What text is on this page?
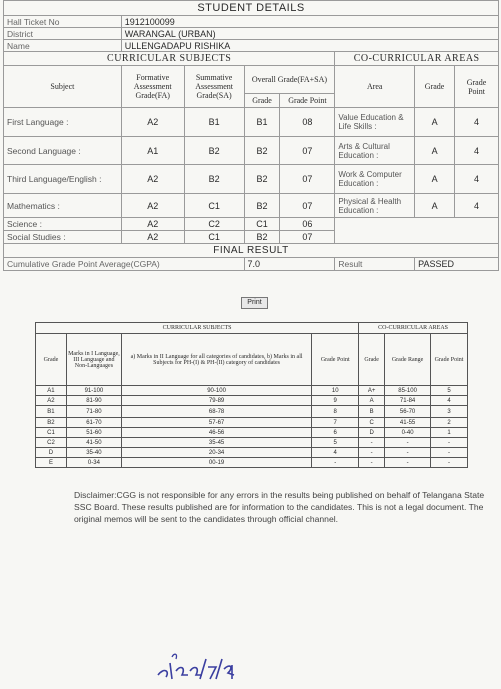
STUDENT DETAILS							
Hall Ticket No	1912100099						
District	WARANGAL (URBAN)						
Name	ULLENGADAPU RISHIKA						
CURRICULAR SUBJECTS					CO-CURRICULAR AREAS		
Subject	Formative Assessment Grade(FA)	Summative Assessment Grade(SA)	Overall Grade(FA+SA)		Area	Grade	Grade Point
			Grade	Grade Point			
First Language :	A2	B1	B1	08	Value Education & Life Skills :	A	4
Second Language :	A1	B2	B2	07	Arts & Cultural Education :	A	4
Third Language/English :	A2	B2	B2	07	Work & Computer Education :	A	4
Mathematics :	A2	C1	B2	07	Physical & Health Education :	A	4
Science :	A2	C2	C1	06			
Social Studies :	A2	C1	B2	07			
FINAL RESULT							
Cumulative Grade Point Average(CGPA)			7.0		Result	PASSED	
Print
CURRICULAR SUBJECTS				CO-CURRICULAR AREAS		
Grade	Marks in I Language, III Language and Non-Languages	a) Marks in II Language for all categories of candidates, b) Marks in all Subjects for PH-(I) & PH-(II) category of candidates	Grade Point	Grade	Grade Range	Grade Point
A1	91-100	90-100	10	A+	85-100	5
A2	81-90	79-89	9	A	71-84	4
B1	71-80	68-78	8	B	56-70	3
B2	61-70	57-67	7	C	41-55	2
C1	51-60	46-56	6	D	0-40	1
C2	41-50	35-45	5	-	-	-
D	35-40	20-34	4	-	-	-
E	0-34	00-19	-	-	-	-
Disclaimer:CGG is not responsible for any errors in the results being published on behalf of Telangana State SSC Board. These results published are for information to the candidates. This is not a legal document. The original memos will be sent to the candidates through official channel.
